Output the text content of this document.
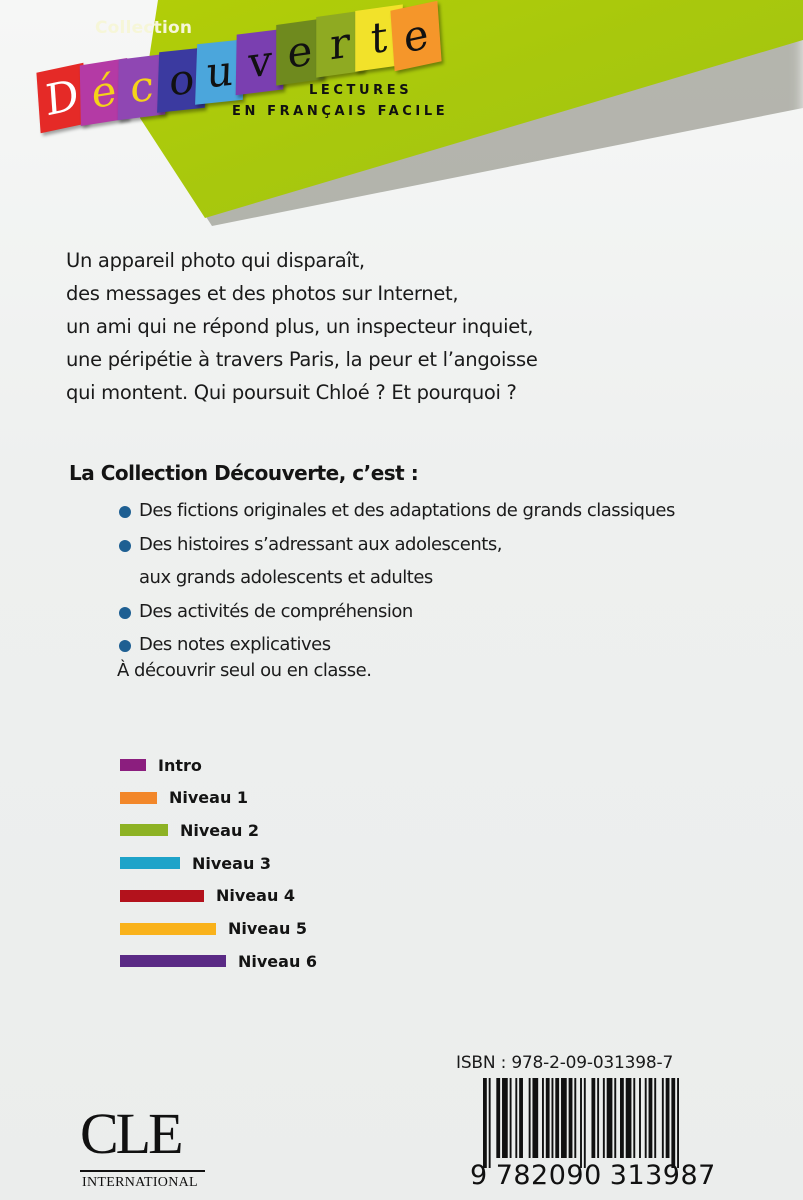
Collection
D é c o u v e r t e
LECTURES
EN FRANÇAIS FACILE
Un appareil photo qui disparaît,
des messages et des photos sur Internet,
un ami qui ne répond plus, un inspecteur inquiet,
une péripétie à travers Paris, la peur et l’angoisse
qui montent. Qui poursuit Chloé ? Et pourquoi ?
La Collection Découverte, c’est :
Des fictions originales et des adaptations de grands classiques
Des histoires s’adressant aux adolescents,
aux grands adolescents et adultes
Des activités de compréhension
Des notes explicatives
À découvrir seul ou en classe.
Intro
Niveau 1
Niveau 2
Niveau 3
Niveau 4
Niveau 5
Niveau 6
ISBN : 978-2-09-031398-7
9 782090 313987
CLE
INTERNATIONAL
